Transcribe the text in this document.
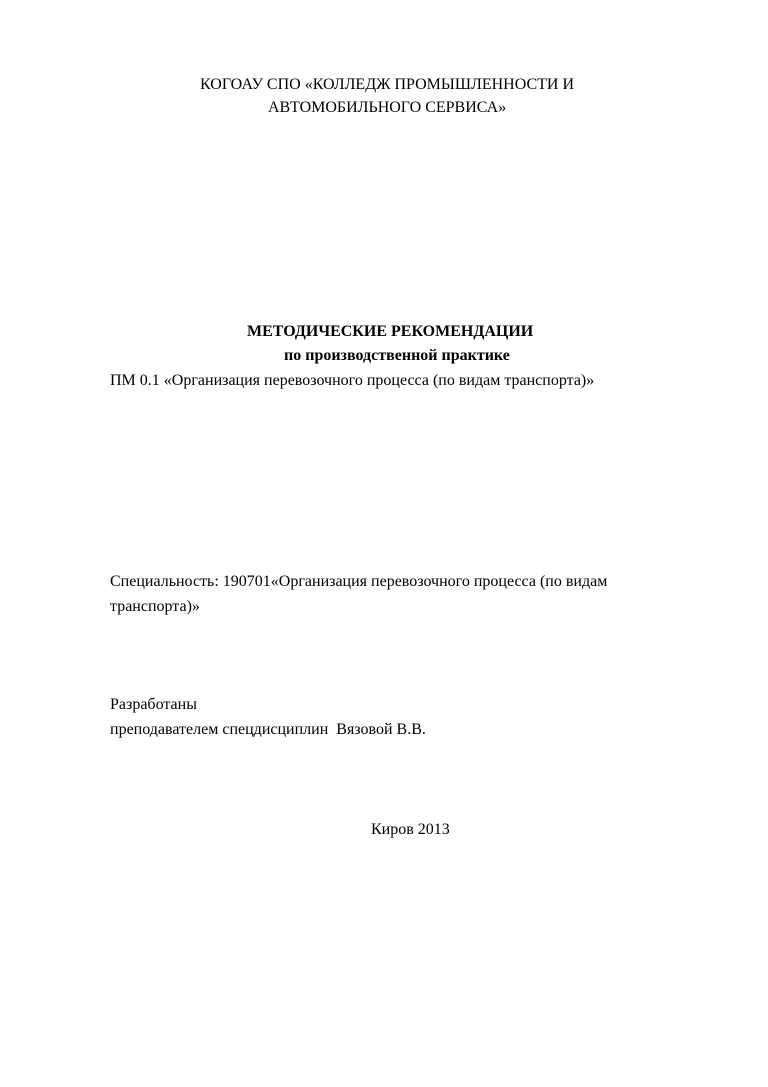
КОГОАУ СПО «КОЛЛЕДЖ ПРОМЫШЛЕННОСТИ И
АВТОМОБИЛЬНОГО СЕРВИСА»
МЕТОДИЧЕСКИЕ РЕКОМЕНДАЦИИ
по производственной практике
ПМ 0.1 «Организация перевозочного процесса (по видам транспорта)»
Специальность: 190701«Организация перевозочного процесса (по видам
транспорта)»
Разработаны
преподавателем спецдисциплин  Вязовой В.В.
Киров 2013
